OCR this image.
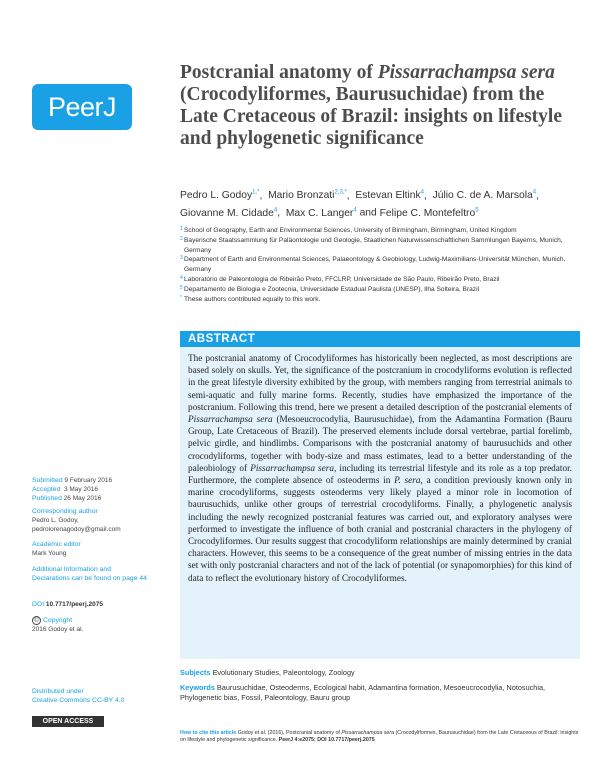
PeerJ
Postcranial anatomy of Pissarrachampsa sera (Crocodyliformes, Baurusuchidae) from the Late Cretaceous of Brazil: insights on lifestyle and phylogenetic significance
Pedro L. Godoy$^{1,*}$,  Mario Bronzati$^{2,3,*}$,  Estevan Eltink$^4$,  Júlio C. de A. Marsola$^4$,
Giovanne M. Cidade$^4$,  Max C. Langer$^4$ and Felipe C. Montefeltro$^5$
1 School of Geography, Earth and Environmental Sciences, University of Birmingham, Birmingham, United Kingdom
2 Bayerische Staatssammlung für Paläontologie und Geologie, Staatlichen Naturwissenschaftlichen Sammlungen Bayerns, Munich, Germany
3 Department of Earth and Environmental Sciences, Palaeontology & Geobiology, Ludwig-Maximilians-Universität München, Munich, Germany
4 Laboratório de Paleontologia de Ribeirão Preto, FFCLRP, Universidade de São Paulo, Ribeirão Preto, Brazil
5 Departamento de Biologia e Zootecnia, Universidade Estadual Paulista (UNESP), Ilha Solteira, Brazil
* These authors contributed equally to this work.
ABSTRACT
The postcranial anatomy of Crocodyliformes has historically been neglected, as most descriptions are based solely on skulls. Yet, the significance of the postcranium in crocodyliforms evolution is reflected in the great lifestyle diversity exhibited by the group, with members ranging from terrestrial animals to semi-aquatic and fully marine forms. Recently, studies have emphasized the importance of the postcranium. Following this trend, here we present a detailed description of the postcranial elements of Pissarrachampsa sera (Mesoeucrocodylia, Baurusuchidae), from the Adamantina Formation (Bauru Group, Late Cretaceous of Brazil). The preserved elements include dorsal vertebrae, partial forelimb, pelvic girdle, and hindlimbs. Comparisons with the postcranial anatomy of baurusuchids and other crocodyliforms, together with body-size and mass estimates, lead to a better understanding of the paleobiology of Pissarrachampsa sera, including its terrestrial lifestyle and its role as a top predator. Furthermore, the complete absence of osteoderms in P. sera, a condition previously known only in marine crocodyliforms, suggests osteoderms very likely played a minor role in locomotion of baurusuchids, unlike other groups of terrestrial crocodyliforms. Finally, a phylogenetic analysis including the newly recognized postcranial features was carried out, and exploratory analyses were performed to investigate the influence of both cranial and postcranial characters in the phylogeny of Crocodyliformes. Our results suggest that crocodyliform relationships are mainly determined by cranial characters. However, this seems to be a consequence of the great number of missing entries in the data set with only postcranial characters and not of the lack of potential (or synapomorphies) for this kind of data to reflect the evolutionary history of Crocodyliformes.
Submitted 9 February 2016
Accepted 3 May 2016
Published 26 May 2016
Corresponding author
Pedro L. Godoy,
pedrolorenagodoy@gmail.com
Academic editor
Mark Young
Additional Information and Declarations can be found on page 44
DOI 10.7717/peerj.2075
© Copyright
2016 Godoy et al.
Distributed under
Creative Commons CC-BY 4.0
OPEN ACCESS
Subjects Evolutionary Studies, Paleontology, Zoology
Keywords Baurusuchidae, Osteoderms, Ecological habit, Adamantina formation, Mesoeucrocodylia, Notosuchia, Phylogenetic bias, Fossil, Paleontology, Bauru group
How to cite this article Godoy et al. (2016), Postcranial anatomy of Pissarrachampsa sera (Crocodyliformes, Baurusuchidae) from the Late Cretaceous of Brazil: insights on lifestyle and phylogenetic significance. PeerJ 4:e2075; DOI 10.7717/peerj.2075
